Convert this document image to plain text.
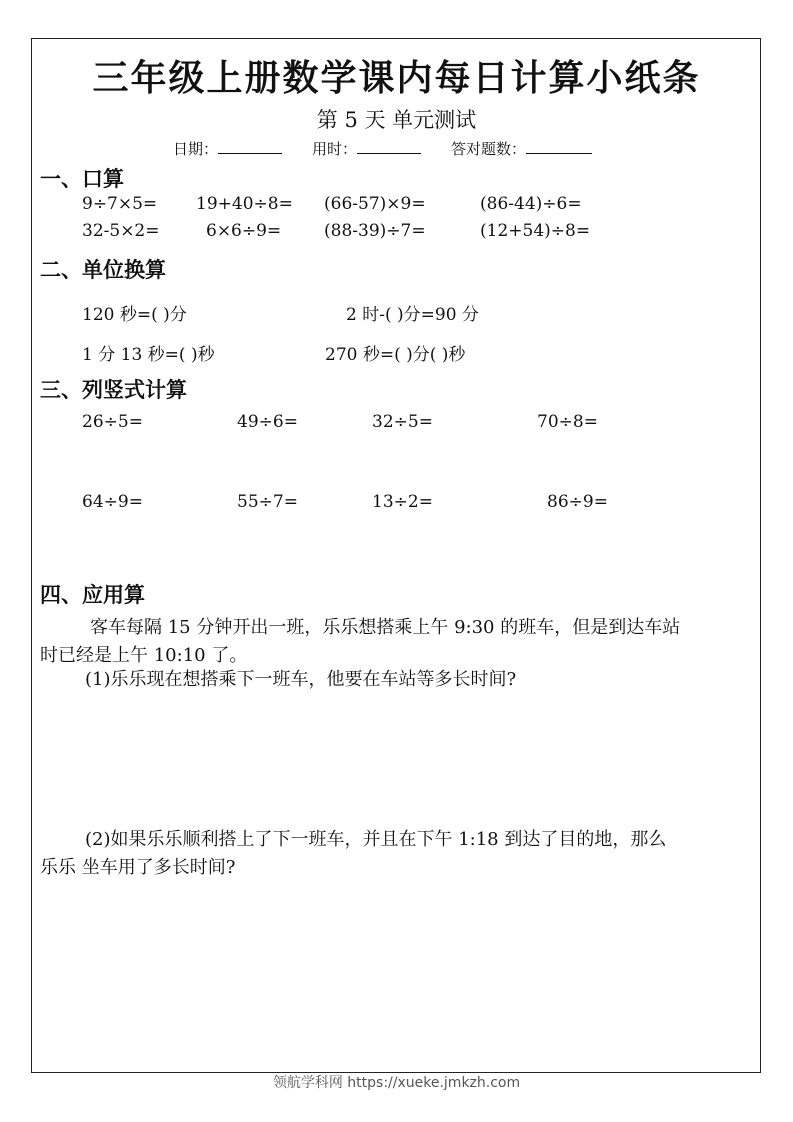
三年级上册数学课内每日计算小纸条
第 5 天 单元测试
日期：	用时：	答对题数：
一、口算
9÷7×5= 19+40÷8= (66-57)×9=	(86-44)÷6=
32-5×2=	6×6÷9=	(88-39)÷7=	(12+54)÷8=
二、单位换算
120 秒=( )分	2 时-( )分=90 分
1 分 13 秒=( )秒	270 秒=( )分( )秒
三、列竖式计算
26÷5=	49÷6=	32÷5=	70÷8=
64÷9=	55÷7=	13÷2=	86÷9=
四、应用算
客车每隔 15 分钟开出一班，乐乐想搭乘上午 9:30 的班车，但是到达车站
时已经是上午 10:10 了。
(1)乐乐现在想搭乘下一班车，他要在车站等多长时间?
(2)如果乐乐顺利搭上了下一班车，并且在下午 1:18 到达了目的地，那么
乐乐 坐车用了多长时间?
领航学科网 https://xueke.jmkzh.com
